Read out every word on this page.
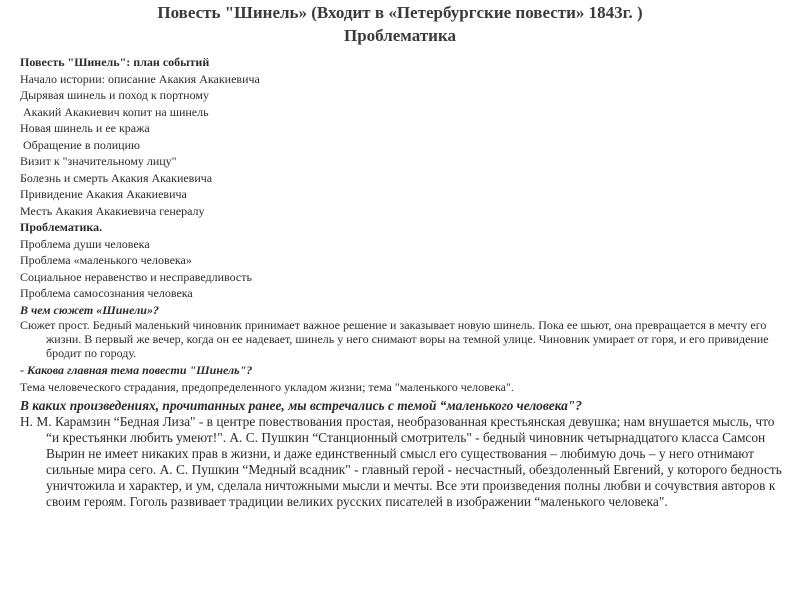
Повесть "Шинель» (Входит в «Петербургские повести» 1843г. )
Проблематика
Повесть "Шинель": план событий
Начало истории: описание Акакия Акакиевича
Дырявая шинель и поход к портному
Акакий Акакиевич копит на шинель
Новая шинель и ее кража
Обращение в полицию
Визит к "значительному лицу"
Болезнь и смерть Акакия Акакиевича
Привидение Акакия Акакиевича
Месть Акакия Акакиевича генералу
Проблематика.
Проблема души человека
Проблема «маленького человека»
Социальное неравенство и несправедливость
Проблема самосознания человека
В чем сюжет «Шинели»?
Сюжет прост. Бедный маленький чиновник принимает важное решение и заказывает новую шинель. Пока ее шьют, она превращается в мечту его жизни. В первый же вечер, когда он ее надевает, шинель у него снимают воры на темной улице. Чиновник умирает от горя, и его привидение бродит по городу.
- Какова главная тема повести "Шинель"?
Тема человеческого страдания, предопределенного укладом жизни; тема "маленького человека".
В каких произведениях, прочитанных ранее, мы встречались с темой “маленького человека"?
Н. М. Карамзин “Бедная Лиза" - в центре повествования простая, необразованная крестьянская девушка; нам внушается мысль, что “и крестьянки любить умеют!". А. С. Пушкин “Станционный смотритель" - бедный чиновник четырнадцатого класса Самсон Вырин не имеет никаких прав в жизни, и даже единственный смысл его существования – любимую дочь – у него отнимают сильные мира сего. А. С. Пушкин “Медный всадник" - главный герой - несчастный, обездоленный Евгений, у которого бедность уничтожила и характер, и ум, сделала ничтожными мысли и мечты. Все эти произведения полны любви и сочувствия авторов к своим героям. Гоголь развивает традиции великих русских писателей в изображении “маленького человека".
